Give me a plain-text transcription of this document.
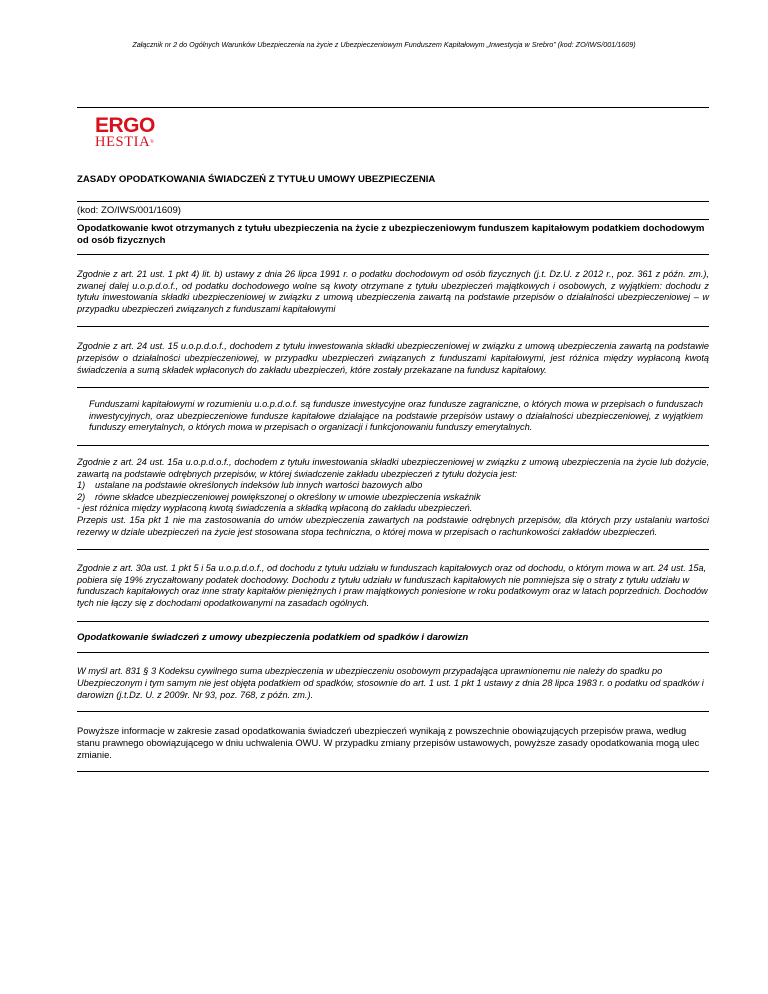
Załącznik nr 2 do Ogólnych Warunków Ubezpieczenia na życie z Ubezpieczeniowym Funduszem Kapitałowym „Inwestycja w Srebro” (kod: ZO/IWS/001/1609)
ERGO
HESTIA®
ZASADY OPODATKOWANIA ŚWIADCZEŃ Z TYTUŁU UMOWY UBEZPIECZENIA
(kod: ZO/IWS/001/1609)
Opodatkowanie kwot otrzymanych z tytułu ubezpieczenia na życie z ubezpieczeniowym funduszem kapitałowym podatkiem dochodowym od osób fizycznych

Zgodnie z art. 21 ust. 1 pkt 4) lit. b) ustawy z dnia 26 lipca 1991 r. o podatku dochodowym od osób fizycznych (j.t. Dz.U. z 2012 r., poz. 361 z późn. zm.), zwanej dalej u.o.p.d.o.f., od podatku dochodowego wolne są kwoty otrzymane z tytułu ubezpieczeń majątkowych i osobowych, z wyjątkiem: dochodu z tytułu inwestowania składki ubezpieczeniowej w związku z umową ubezpieczenia zawartą na podstawie przepisów o działalności ubezpieczeniowej – w przypadku ubezpieczeń związanych z funduszami kapitałowymi

Zgodnie z art. 24 ust. 15 u.o.p.d.o.f., dochodem z tytułu inwestowania składki ubezpieczeniowej w związku z umową ubezpieczenia zawartą na podstawie przepisów o działalności ubezpieczeniowej, w przypadku ubezpieczeń związanych z funduszami kapitałowymi, jest różnica między wypłaconą kwotą świadczenia a sumą składek wpłaconych do zakładu ubezpieczeń, które zostały przekazane na fundusz kapitałowy.

Funduszami kapitałowymi w rozumieniu u.o.p.d.o.f. są fundusze inwestycyjne oraz fundusze zagraniczne, o których mowa w przepisach o funduszach inwestycyjnych, oraz ubezpieczeniowe fundusze kapitałowe działające na podstawie przepisów ustawy o działalności ubezpieczeniowej, z wyjątkiem funduszy emerytalnych, o których mowa w przepisach o organizacji i funkcjonowaniu funduszy emerytalnych.

Zgodnie z art. 24 ust. 15a u.o.p.d.o.f., dochodem z tytułu inwestowania składki ubezpieczeniowej w związku z umową ubezpieczenia na życie lub dożycie, zawartą na podstawie odrębnych przepisów, w której świadczenie zakładu ubezpieczeń z tytułu dożycia jest:

1)	ustalane na podstawie określonych indeksów lub innych wartości bazowych albo
2)	równe składce ubezpieczeniowej powiększonej o określony w umowie ubezpieczenia wskaźnik

- jest różnica między wypłaconą kwotą świadczenia a składką wpłaconą do zakładu ubezpieczeń.

Przepis ust. 15a pkt 1 nie ma zastosowania do umów ubezpieczenia zawartych na podstawie odrębnych przepisów, dla których przy ustalaniu wartości rezerwy w dziale ubezpieczeń na życie jest stosowana stopa techniczna, o której mowa w przepisach o rachunkowości zakładów ubezpieczeń.

Zgodnie z art. 30a ust. 1 pkt 5 i 5a u.o.p.d.o.f., od dochodu z tytułu udziału w funduszach kapitałowych oraz od dochodu, o którym mowa w art. 24 ust. 15a, pobiera się 19% zryczałtowany podatek dochodowy. Dochodu z tytułu udziału w funduszach kapitałowych nie pomniejsza się o straty z tytułu udziału w funduszach kapitałowych oraz inne straty kapitałów pieniężnych i praw majątkowych poniesione w roku podatkowym oraz w latach poprzednich. Dochodów tych nie łączy się z dochodami opodatkowanymi na zasadach ogólnych.

Opodatkowanie świadczeń z umowy ubezpieczenia podatkiem od spadków i darowizn

W myśl art. 831 § 3 Kodeksu cywilnego suma ubezpieczenia w ubezpieczeniu osobowym przypadająca uprawnionemu nie należy do spadku po Ubezpieczonym i tym samym nie jest objęta podatkiem od spadków, stosownie do art. 1 ust. 1 pkt 1 ustawy z dnia 28 lipca 1983 r. o podatku od spadków i darowizn (j.t.Dz. U. z 2009r. Nr 93, poz. 768, z późn. zm.).

Powyższe informacje w zakresie zasad opodatkowania świadczeń ubezpieczeń wynikają z powszechnie obowiązujących przepisów prawa, według stanu prawnego obowiązującego w dniu uchwalenia OWU. W przypadku zmiany przepisów ustawowych, powyższe zasady opodatkowania mogą ulec zmianie.
